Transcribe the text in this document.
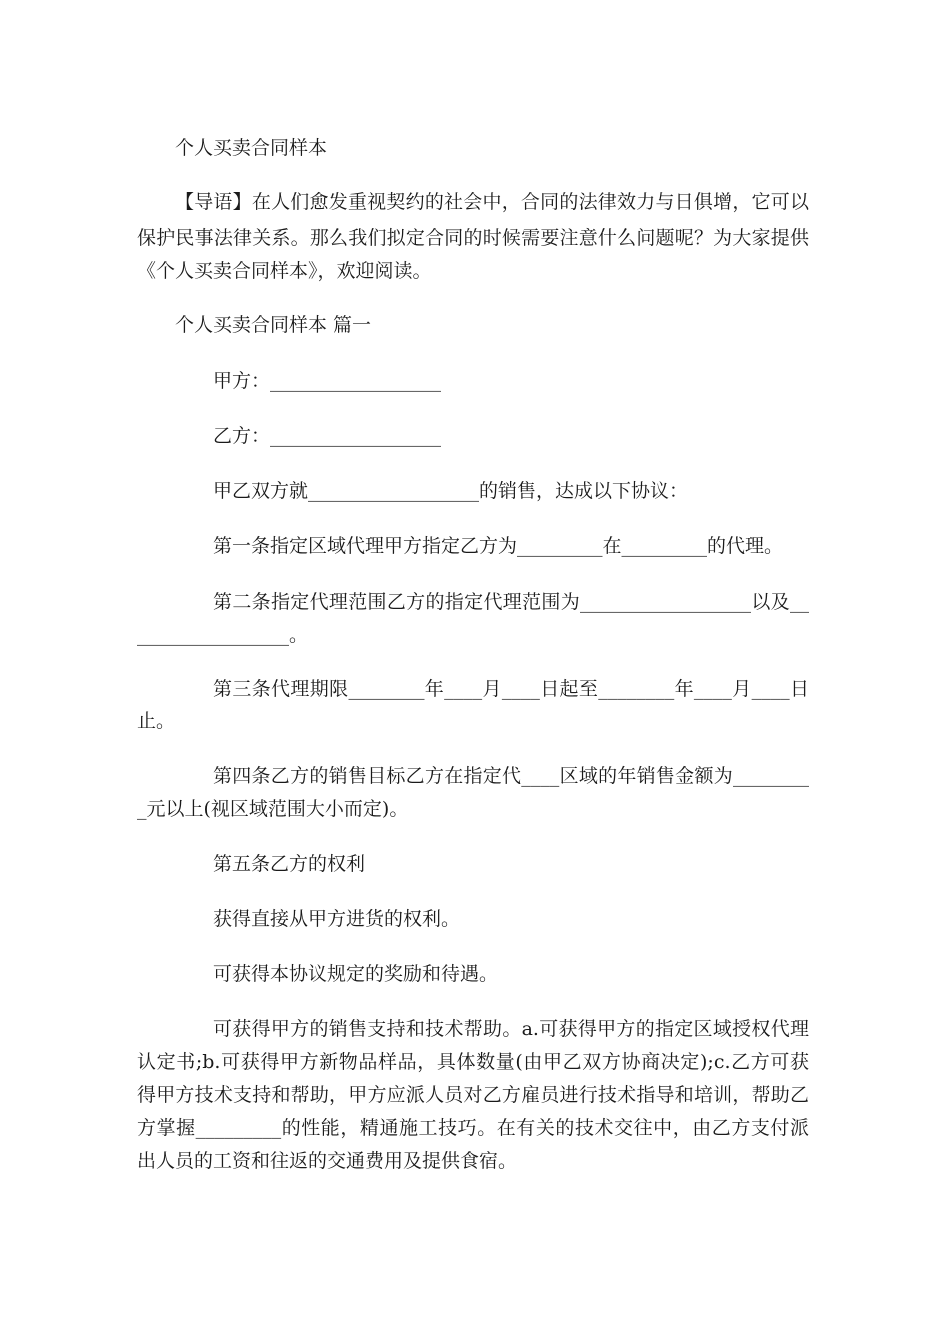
个人买卖合同样本

【导语】在人们愈发重视契约的社会中，合同的法律效力与日俱增，它可以

保护民事法律关系。那么我们拟定合同的时候需要注意什么问题呢？为大家提供

《个人买卖合同样本》，欢迎阅读。

个人买卖合同样本 篇一

甲方：__________________

乙方：__________________

甲乙双方就__________________的销售，达成以下协议：

第一条指定区域代理甲方指定乙方为_________在_________的代理。

第二条指定代理范围乙方的指定代理范围为__________________以及__

________________。

第三条代理期限________年____月____日起至________年____月____日

止。

第四条乙方的销售目标乙方在指定代____区域的年销售金额为________

_元以上(视区域范围大小而定)。

第五条乙方的权利

获得直接从甲方进货的权利。

可获得本协议规定的奖励和待遇。

可获得甲方的销售支持和技术帮助。a.可获得甲方的指定区域授权代理

认定书;b.可获得甲方新物品样品，具体数量(由甲乙双方协商决定);c.乙方可获

得甲方技术支持和帮助，甲方应派人员对乙方雇员进行技术指导和培训，帮助乙

方掌握_________的性能，精通施工技巧。在有关的技术交往中，由乙方支付派

出人员的工资和往返的交通费用及提供食宿。
